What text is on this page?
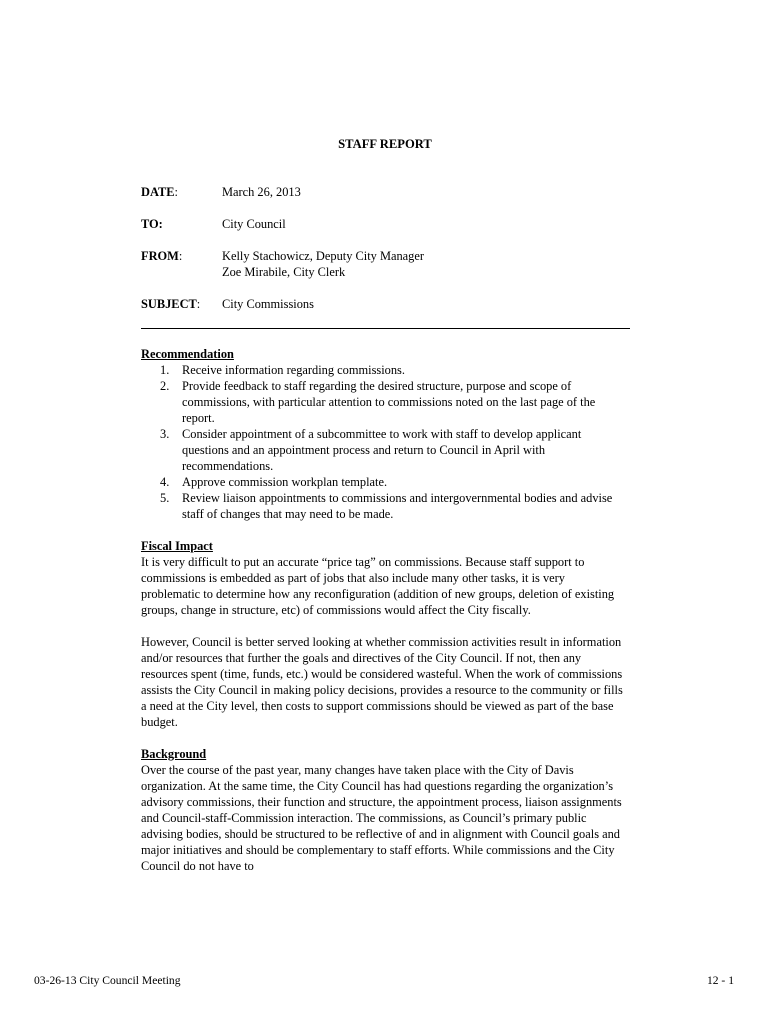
STAFF REPORT
DATE:	March 26, 2013
TO:	City Council
FROM:	Kelly Stachowicz, Deputy City Manager
Zoe Mirabile, City Clerk
SUBJECT: City Commissions
Recommendation
1. Receive information regarding commissions.
2. Provide feedback to staff regarding the desired structure, purpose and scope of commissions, with particular attention to commissions noted on the last page of the report.
3. Consider appointment of a subcommittee to work with staff to develop applicant questions and an appointment process and return to Council in April with recommendations.
4. Approve commission workplan template.
5. Review liaison appointments to commissions and intergovernmental bodies and advise staff of changes that may need to be made.
Fiscal Impact

It is very difficult to put an accurate “price tag” on commissions. Because staff support to commissions is embedded as part of jobs that also include many other tasks, it is very problematic to determine how any reconfiguration (addition of new groups, deletion of existing groups, change in structure, etc) of commissions would affect the City fiscally.

However, Council is better served looking at whether commission activities result in information and/or resources that further the goals and directives of the City Council. If not, then any resources spent (time, funds, etc.) would be considered wasteful. When the work of commissions assists the City Council in making policy decisions, provides a resource to the community or fills a need at the City level, then costs to support commissions should be viewed as part of the base budget.

Background

Over the course of the past year, many changes have taken place with the City of Davis organization. At the same time, the City Council has had questions regarding the organization’s advisory commissions, their function and structure, the appointment process, liaison assignments and Council-staff-Commission interaction. The commissions, as Council’s primary public advising bodies, should be structured to be reflective of and in alignment with Council goals and major initiatives and should be complementary to staff efforts. While commissions and the City Council do not have to

03-26-13 City Council Meeting	12 - 1
